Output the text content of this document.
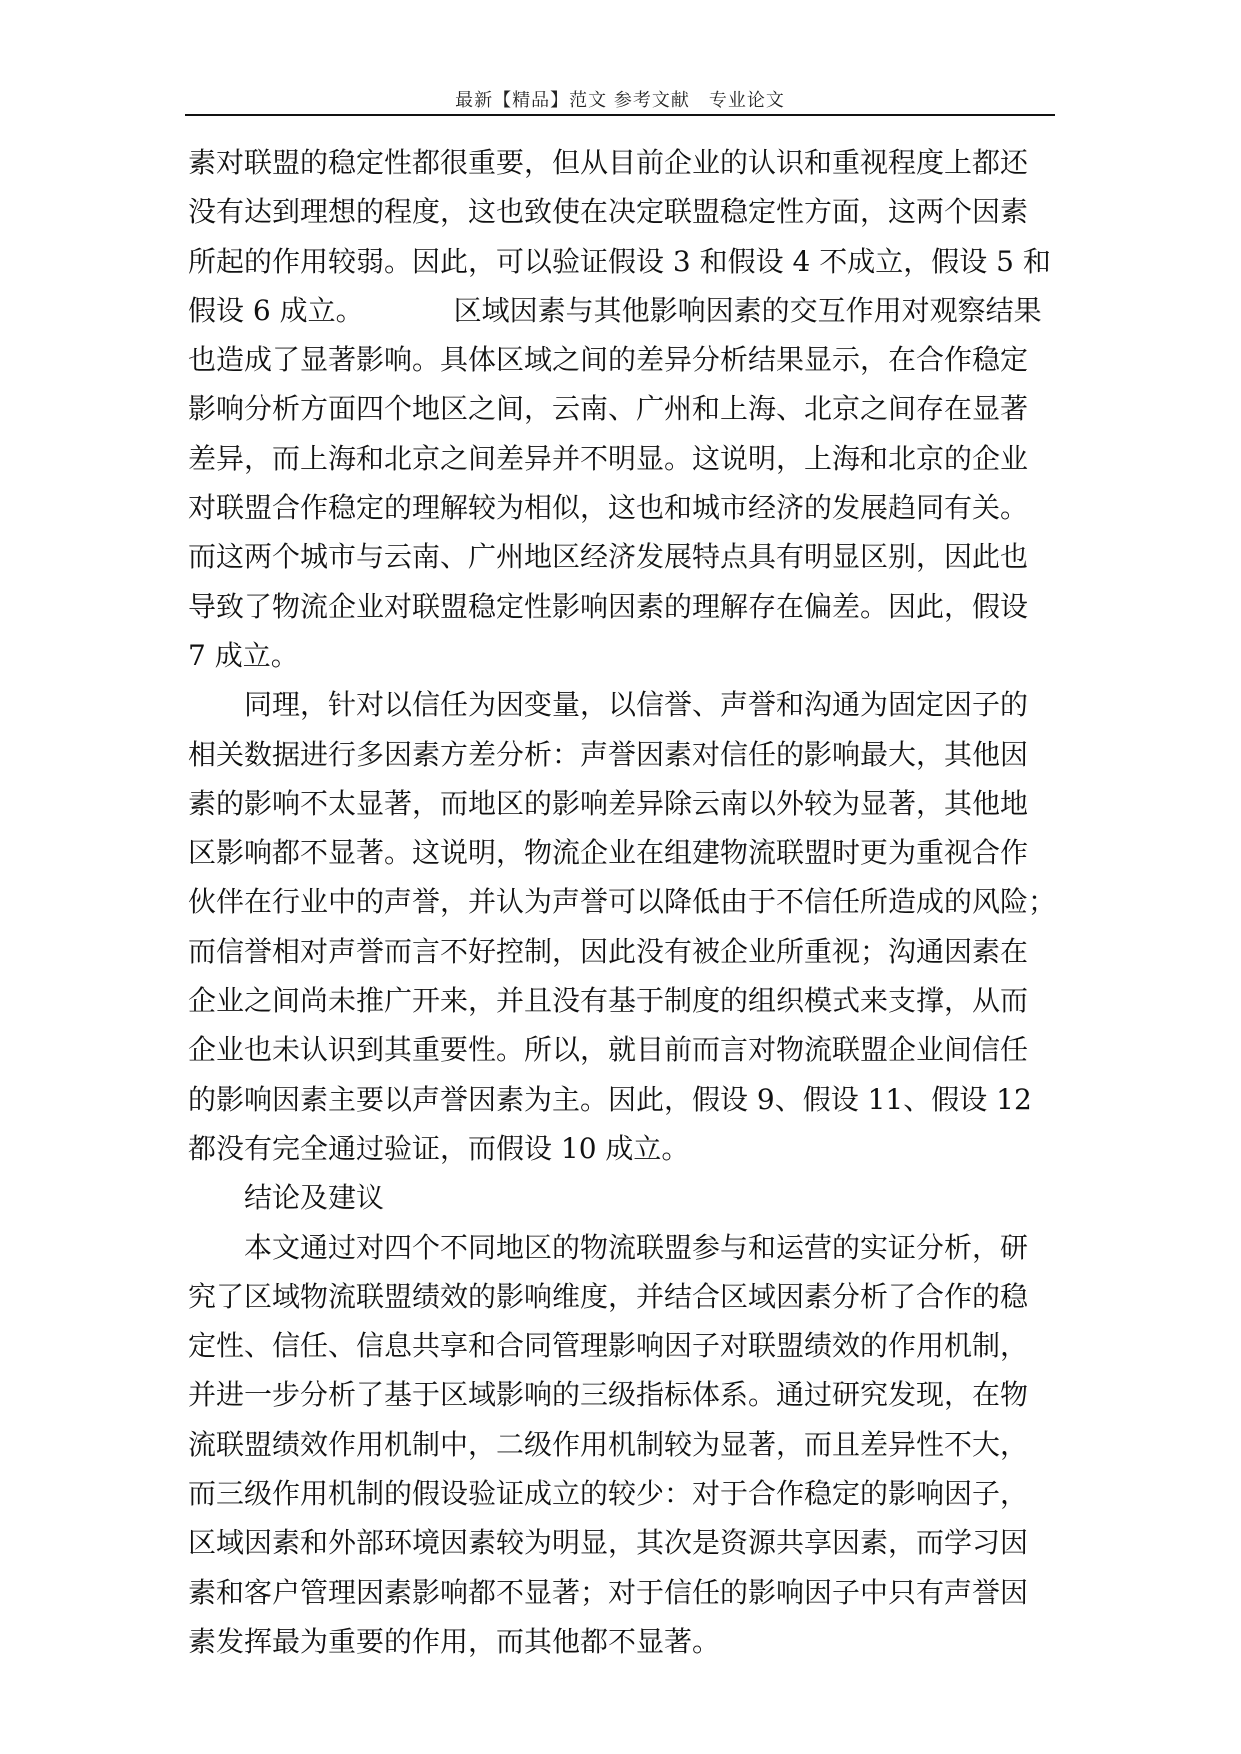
最新【精品】范文 参考文献　专业论文
素对联盟的稳定性都很重要，但从目前企业的认识和重视程度上都还
没有达到理想的程度，这也致使在决定联盟稳定性方面，这两个因素
所起的作用较弱。因此，可以验证假设 3 和假设 4 不成立，假设 5 和
假设 6 成立。	区域因素与其他影响因素的交互作用对观察结果
也造成了显著影响。具体区域之间的差异分析结果显示，在合作稳定
影响分析方面四个地区之间，云南、广州和上海、北京之间存在显著
差异，而上海和北京之间差异并不明显。这说明，上海和北京的企业
对联盟合作稳定的理解较为相似，这也和城市经济的发展趋同有关。
而这两个城市与云南、广州地区经济发展特点具有明显区别，因此也
导致了物流企业对联盟稳定性影响因素的理解存在偏差。因此，假设
7 成立。
同理，针对以信任为因变量，以信誉、声誉和沟通为固定因子的
相关数据进行多因素方差分析：声誉因素对信任的影响最大，其他因
素的影响不太显著，而地区的影响差异除云南以外较为显著，其他地
区影响都不显著。这说明，物流企业在组建物流联盟时更为重视合作
伙伴在行业中的声誉，并认为声誉可以降低由于不信任所造成的风险；
而信誉相对声誉而言不好控制，因此没有被企业所重视；沟通因素在
企业之间尚未推广开来，并且没有基于制度的组织模式来支撑，从而
企业也未认识到其重要性。所以，就目前而言对物流联盟企业间信任
的影响因素主要以声誉因素为主。因此，假设 9、假设 11、假设 12
都没有完全通过验证，而假设 10 成立。
结论及建议
本文通过对四个不同地区的物流联盟参与和运营的实证分析，研
究了区域物流联盟绩效的影响维度，并结合区域因素分析了合作的稳
定性、信任、信息共享和合同管理影响因子对联盟绩效的作用机制，
并进一步分析了基于区域影响的三级指标体系。通过研究发现，在物
流联盟绩效作用机制中，二级作用机制较为显著，而且差异性不大，
而三级作用机制的假设验证成立的较少：对于合作稳定的影响因子，
区域因素和外部环境因素较为明显，其次是资源共享因素，而学习因
素和客户管理因素影响都不显著；对于信任的影响因子中只有声誉因
素发挥最为重要的作用，而其他都不显著。
